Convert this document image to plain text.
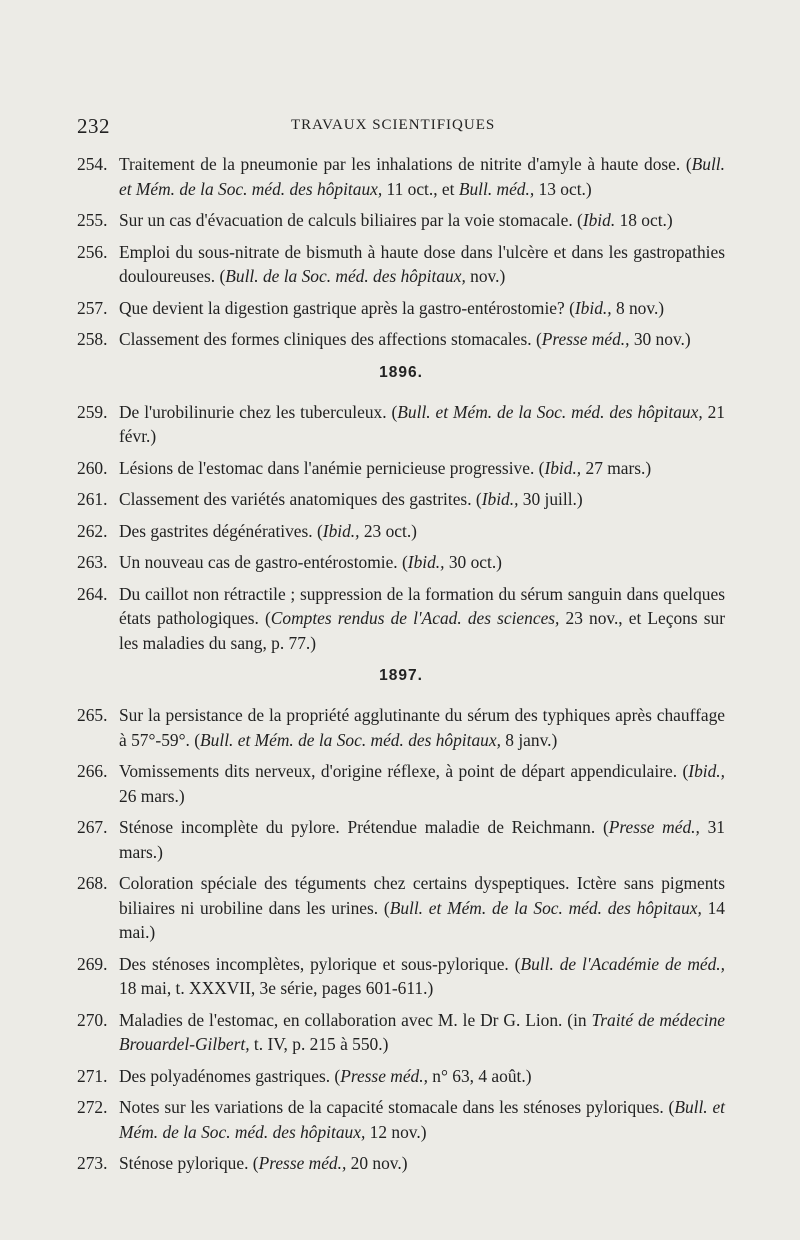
232	TRAVAUX SCIENTIFIQUES
254. Traitement de la pneumonie par les inhalations de nitrite d'amyle à haute dose. (Bull. et Mém. de la Soc. méd. des hôpitaux, 11 oct., et Bull. méd., 13 oct.)
255. Sur un cas d'évacuation de calculs biliaires par la voie stomacale. (Ibid. 18 oct.)
256. Emploi du sous-nitrate de bismuth à haute dose dans l'ulcère et dans les gastropathies douloureuses. (Bull. de la Soc. méd. des hôpitaux, nov.)
257. Que devient la digestion gastrique après la gastro-entérostomie? (Ibid., 8 nov.)
258. Classement des formes cliniques des affections stomacales. (Presse méd., 30 nov.)
1896.
259. De l'urobilinurie chez les tuberculeux. (Bull. et Mém. de la Soc. méd. des hôpitaux, 21 févr.)
260. Lésions de l'estomac dans l'anémie pernicieuse progressive. (Ibid., 27 mars.)
261. Classement des variétés anatomiques des gastrites. (Ibid., 30 juill.)
262. Des gastrites dégénératives. (Ibid., 23 oct.)
263. Un nouveau cas de gastro-entérostomie. (Ibid., 30 oct.)
264. Du caillot non rétractile ; suppression de la formation du sérum sanguin dans quelques états pathologiques. (Comptes rendus de l'Acad. des sciences, 23 nov., et Leçons sur les maladies du sang, p. 77.)
1897.
265. Sur la persistance de la propriété agglutinante du sérum des typhiques après chauffage à 57°-59°. (Bull. et Mém. de la Soc. méd. des hôpitaux, 8 janv.)
266. Vomissements dits nerveux, d'origine réflexe, à point de départ appendiculaire. (Ibid., 26 mars.)
267. Sténose incomplète du pylore. Prétendue maladie de Reichmann. (Presse méd., 31 mars.)
268. Coloration spéciale des téguments chez certains dyspeptiques. Ictère sans pigments biliaires ni urobiline dans les urines. (Bull. et Mém. de la Soc. méd. des hôpitaux, 14 mai.)
269. Des sténoses incomplètes, pylorique et sous-pylorique. (Bull. de l'Académie de méd., 18 mai, t. XXXVII, 3e série, pages 601-611.)
270. Maladies de l'estomac, en collaboration avec M. le Dr G. Lion. (in Traité de médecine Brouardel-Gilbert, t. IV, p. 215 à 550.)
271. Des polyadénomes gastriques. (Presse méd., n° 63, 4 août.)
272. Notes sur les variations de la capacité stomacale dans les sténoses pyloriques. (Bull. et Mém. de la Soc. méd. des hôpitaux, 12 nov.)
273. Sténose pylorique. (Presse méd., 20 nov.)
